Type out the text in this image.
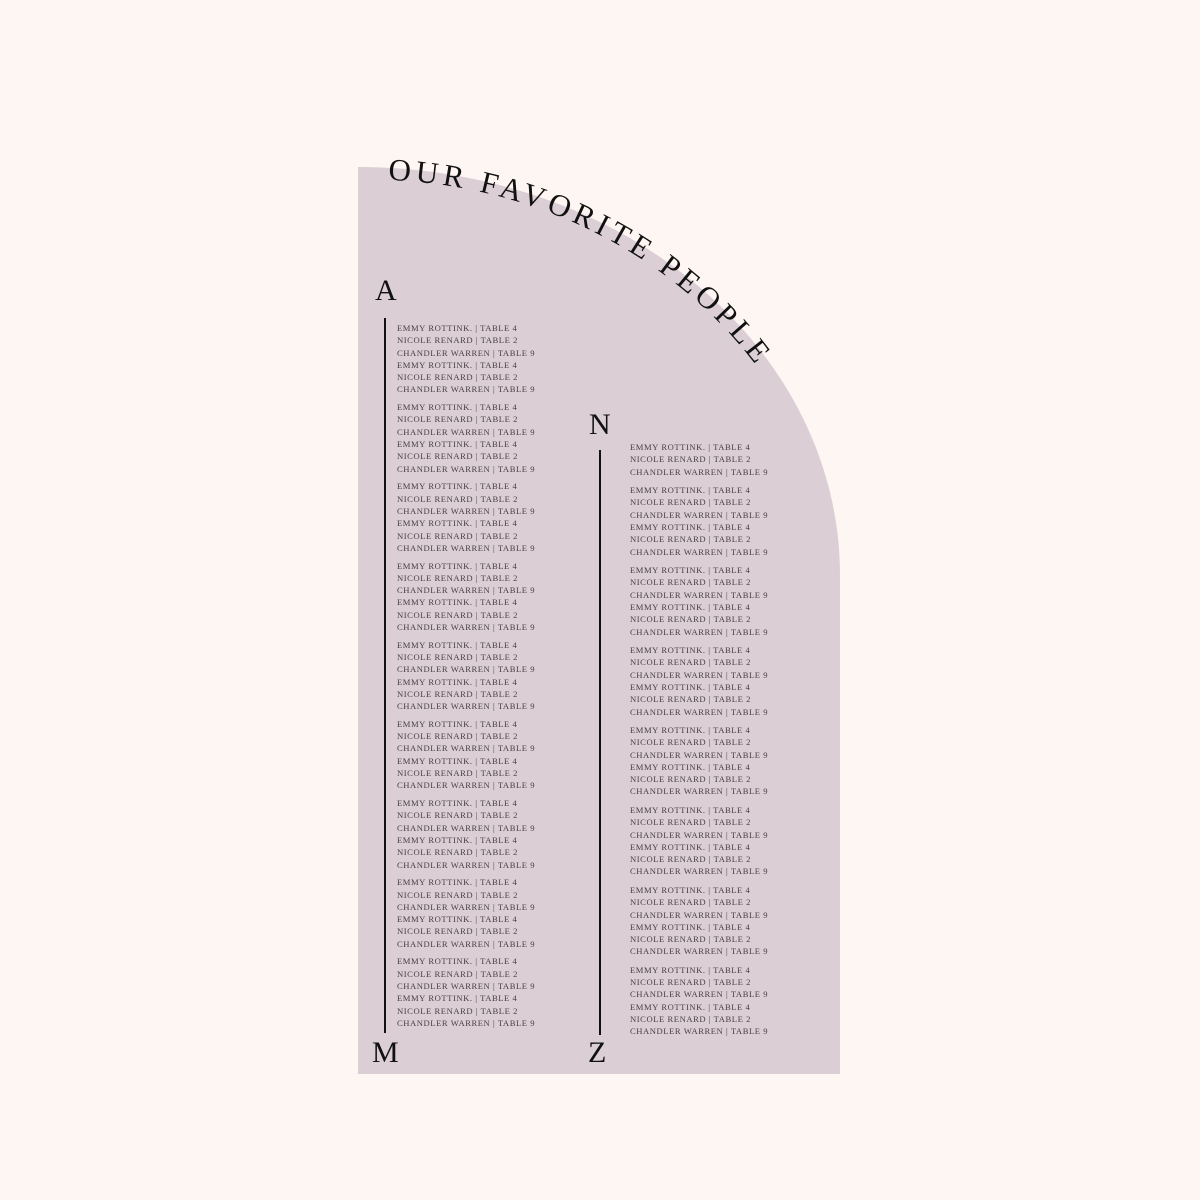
OUR FAVORITE PEOPLE
A
M
EMMY ROTTINK. | TABLE 4
NICOLE RENARD | TABLE 2
CHANDLER WARREN | TABLE 9
EMMY ROTTINK. | TABLE 4
NICOLE RENARD | TABLE 2
CHANDLER WARREN | TABLE 9
EMMY ROTTINK. | TABLE 4
NICOLE RENARD | TABLE 2
CHANDLER WARREN | TABLE 9
EMMY ROTTINK. | TABLE 4
NICOLE RENARD | TABLE 2
CHANDLER WARREN | TABLE 9
EMMY ROTTINK. | TABLE 4
NICOLE RENARD | TABLE 2
CHANDLER WARREN | TABLE 9
EMMY ROTTINK. | TABLE 4
NICOLE RENARD | TABLE 2
CHANDLER WARREN | TABLE 9
EMMY ROTTINK. | TABLE 4
NICOLE RENARD | TABLE 2
CHANDLER WARREN | TABLE 9
EMMY ROTTINK. | TABLE 4
NICOLE RENARD | TABLE 2
CHANDLER WARREN | TABLE 9
EMMY ROTTINK. | TABLE 4
NICOLE RENARD | TABLE 2
CHANDLER WARREN | TABLE 9
EMMY ROTTINK. | TABLE 4
NICOLE RENARD | TABLE 2
CHANDLER WARREN | TABLE 9
EMMY ROTTINK. | TABLE 4
NICOLE RENARD | TABLE 2
CHANDLER WARREN | TABLE 9
EMMY ROTTINK. | TABLE 4
NICOLE RENARD | TABLE 2
CHANDLER WARREN | TABLE 9
EMMY ROTTINK. | TABLE 4
NICOLE RENARD | TABLE 2
CHANDLER WARREN | TABLE 9
EMMY ROTTINK. | TABLE 4
NICOLE RENARD | TABLE 2
CHANDLER WARREN | TABLE 9
EMMY ROTTINK. | TABLE 4
NICOLE RENARD | TABLE 2
CHANDLER WARREN | TABLE 9
EMMY ROTTINK. | TABLE 4
NICOLE RENARD | TABLE 2
CHANDLER WARREN | TABLE 9
EMMY ROTTINK. | TABLE 4
NICOLE RENARD | TABLE 2
CHANDLER WARREN | TABLE 9
EMMY ROTTINK. | TABLE 4
NICOLE RENARD | TABLE 2
CHANDLER WARREN | TABLE 9
N
Z
EMMY ROTTINK. | TABLE 4
NICOLE RENARD | TABLE 2
CHANDLER WARREN | TABLE 9
EMMY ROTTINK. | TABLE 4
NICOLE RENARD | TABLE 2
CHANDLER WARREN | TABLE 9
EMMY ROTTINK. | TABLE 4
NICOLE RENARD | TABLE 2
CHANDLER WARREN | TABLE 9
EMMY ROTTINK. | TABLE 4
NICOLE RENARD | TABLE 2
CHANDLER WARREN | TABLE 9
EMMY ROTTINK. | TABLE 4
NICOLE RENARD | TABLE 2
CHANDLER WARREN | TABLE 9
EMMY ROTTINK. | TABLE 4
NICOLE RENARD | TABLE 2
CHANDLER WARREN | TABLE 9
EMMY ROTTINK. | TABLE 4
NICOLE RENARD | TABLE 2
CHANDLER WARREN | TABLE 9
EMMY ROTTINK. | TABLE 4
NICOLE RENARD | TABLE 2
CHANDLER WARREN | TABLE 9
EMMY ROTTINK. | TABLE 4
NICOLE RENARD | TABLE 2
CHANDLER WARREN | TABLE 9
EMMY ROTTINK. | TABLE 4
NICOLE RENARD | TABLE 2
CHANDLER WARREN | TABLE 9
EMMY ROTTINK. | TABLE 4
NICOLE RENARD | TABLE 2
CHANDLER WARREN | TABLE 9
EMMY ROTTINK. | TABLE 4
NICOLE RENARD | TABLE 2
CHANDLER WARREN | TABLE 9
EMMY ROTTINK. | TABLE 4
NICOLE RENARD | TABLE 2
CHANDLER WARREN | TABLE 9
EMMY ROTTINK. | TABLE 4
NICOLE RENARD | TABLE 2
CHANDLER WARREN | TABLE 9
EMMY ROTTINK. | TABLE 4
NICOLE RENARD | TABLE 2
CHANDLER WARREN | TABLE 9
